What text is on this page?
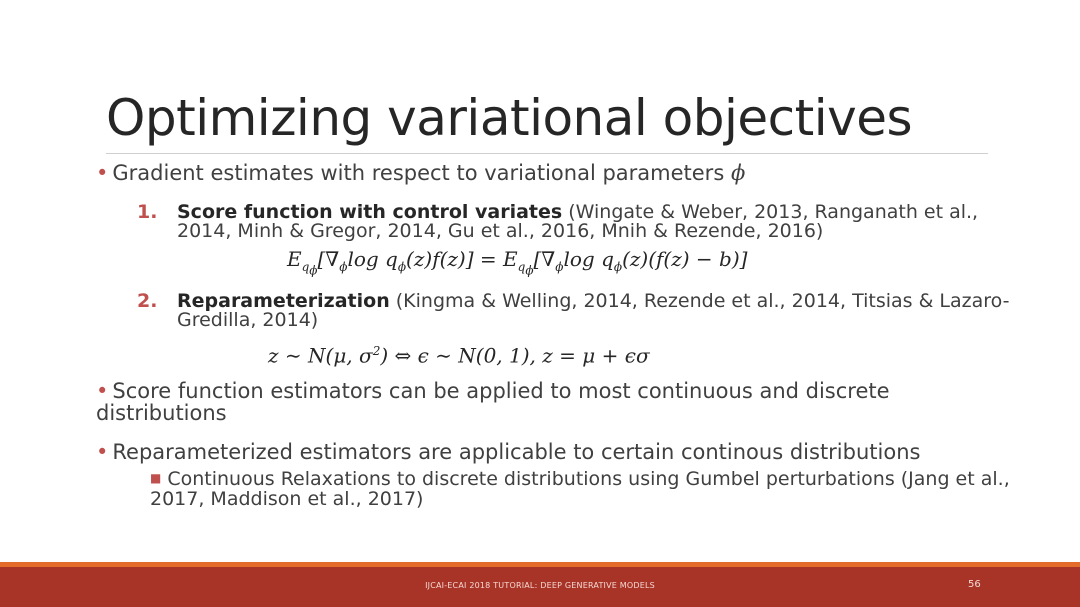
Optimizing variational objectives
• Gradient estimates with respect to variational parameters ϕ
1. Score function with control variates (Wingate & Weber, 2013, Ranganath et al., 2014, Minh & Gregor, 2014, Gu et al., 2016, Mnih & Rezende, 2016)
$E_{q_\phi}[\nabla_\phi\log$ $q_\phi(z)f(z)] = E_{q_\phi}[\nabla_\phi\log$ $q_\phi(z)(f(z) - b)$]
2. Reparameterization (Kingma & Welling, 2014, Rezende et al., 2014, Titsias & Lazaro-Gredilla, 2014)
z ∼ N(μ, $\sigma^2$) ⇔ ϵ ∼ N(0, 1), z = μ + ϵσ
• Score function estimators can be applied to most continuous and discrete distributions
• Reparameterized estimators are applicable to certain continous distributions
■ Continuous Relaxations to discrete distributions using Gumbel perturbations (Jang et al., 2017, Maddison et al., 2017)
IJCAI-ECAI 2018 TUTORIAL: DEEP GENERATIVE MODELS	56
